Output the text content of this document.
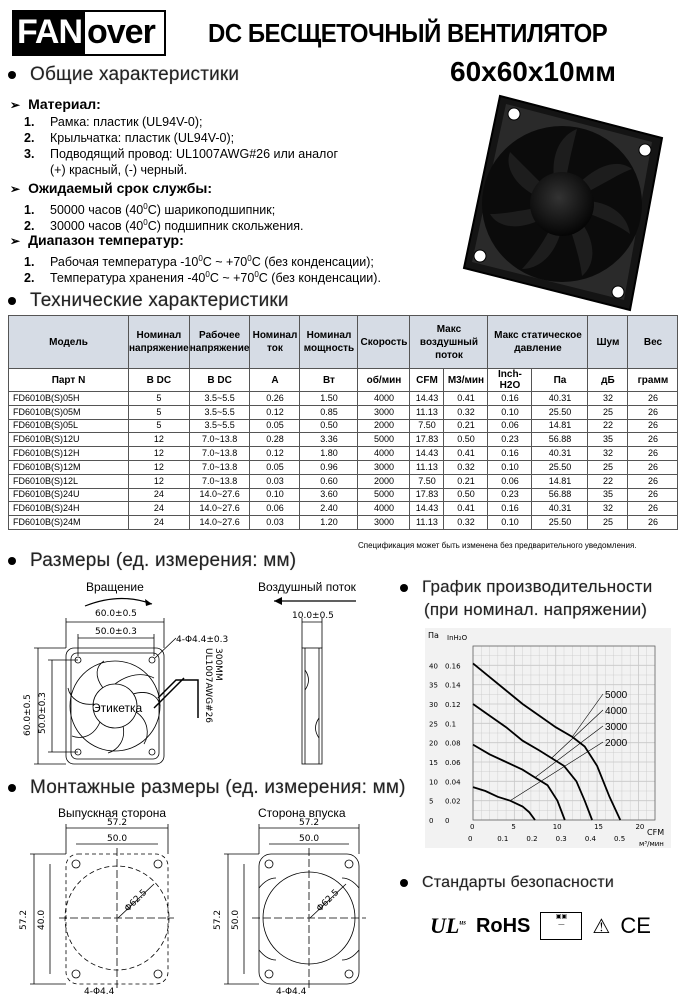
FAN over DC БЕСЩЕТОЧНЫЙ ВЕНТИЛЯТОР
60х60х10мм
Общие характеристики
➢ Материал:
1. Рамка: пластик (UL94V-0);
2. Крыльчатка: пластик (UL94V-0);
3. Подводящий провод: UL1007AWG#26 или аналог
(+) красный, (-) черный.
➢ Ожидаемый срок службы:
1. 50000 часов $(40^0C)$ шарикоподшипник;
2. 30000 часов $(40^0C)$ подшипник скольжения.
➢ Диапазон температур:
1. Рабочая температура $-10^0C$ ~ $+70^0C$ (без конденсации);
2. Температура хранения $-40^0C$ ~ $+70^0C$ (без конденсации).
Технические характеристики
Модель	Номинал напряжение	Рабочее напряжение	Номинал ток	Номинал мощность	Скорость	Макс воздушный поток		Макс статическое давление		Шум	Вес
Парт N	B DC	B DC	A	Вт	об/мин	CFM	M3/мин	Inch-H2O	Па	дБ	грамм
FD6010B(S)05H	5	3.5~5.5	0.26	1.50	4000	14.43	0.41	0.16	40.31	32	26
FD6010B(S)05M	5	3.5~5.5	0.12	0.85	3000	11.13	0.32	0.10	25.50	25	26
FD6010B(S)05L	5	3.5~5.5	0.05	0.50	2000	7.50	0.21	0.06	14.81	22	26
FD6010B(S)12U	12	7.0~13.8	0.28	3.36	5000	17.83	0.50	0.23	56.88	35	26
FD6010B(S)12H	12	7.0~13.8	0.12	1.80	4000	14.43	0.41	0.16	40.31	32	26
FD6010B(S)12M	12	7.0~13.8	0.05	0.96	3000	11.13	0.32	0.10	25.50	25	26
FD6010B(S)12L	12	7.0~13.8	0.03	0.60	2000	7.50	0.21	0.06	14.81	22	26
FD6010B(S)24U	24	14.0~27.6	0.10	3.60	5000	17.83	0.50	0.23	56.88	35	26
FD6010B(S)24H	24	14.0~27.6	0.06	2.40	4000	14.43	0.41	0.16	40.31	32	26
FD6010B(S)24M	24	14.0~27.6	0.03	1.20	3000	11.13	0.32	0.10	25.50	25	26
Спецификация может быть изменена без предварительного уведомления.
Размеры (ед. измерения: мм)
Вращение	Воздушный поток
60.0±0.5
50.0±0.3
4-Φ4.4±0.3
Этикетка
60.0±0.5 50.0±0.3	UL1007AWG#26 300MM
10.0±0.5
Монтажные размеры (ед. измерения: мм)
Выпускная сторона	Сторона впуска
57.2
50.0
57.2 40.0
Φ62.5
4-Φ4.4
57.2
50.0
57.2 50.0
Φ62.5
4-Φ4.4
График производительности
(при номинал. напряжении)
0
5
10
15
20
25
30
35
40
0
0.02
0.04
0.06
0.08
0.1
0.12
0.14
0.16
0	5	10	15	20
0	0.1	0.2	0.3	0.4	0.5
5000
4000
3000
2000
Па InH₂O
CFM
м³/мин
Стандарты безопасности
$UL^{us}$ RoHS	▣▣
—	⚠ CE
